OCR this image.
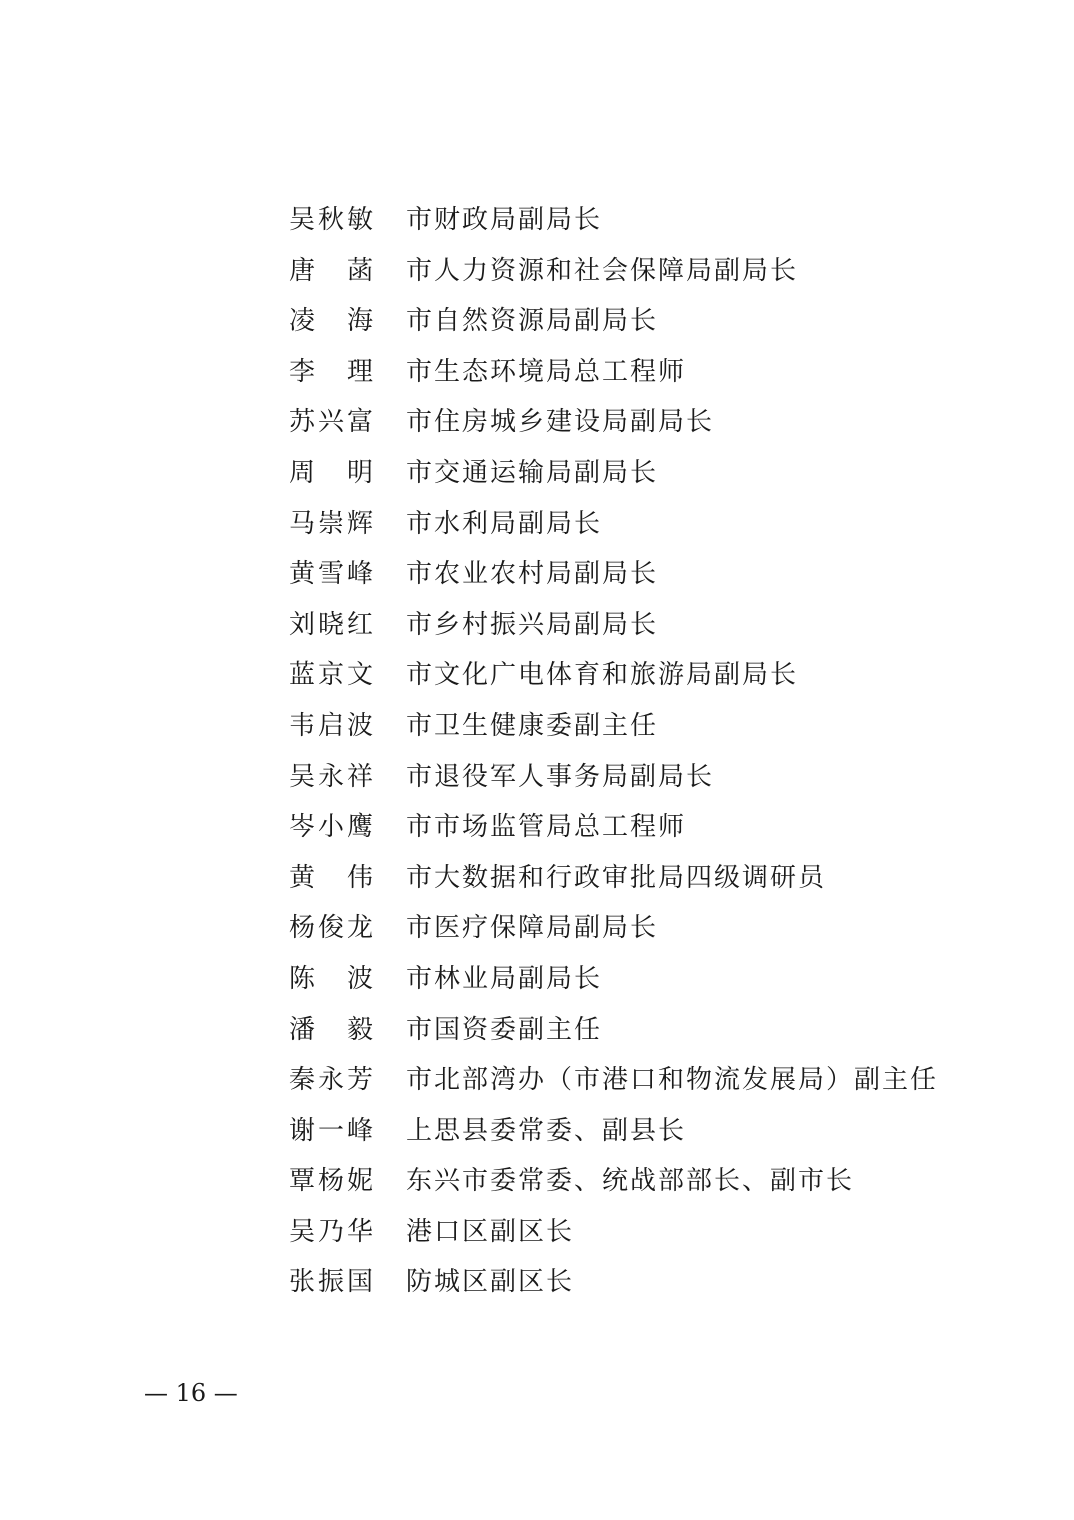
吴秋敏 市财政局副局长
唐　菡 市人力资源和社会保障局副局长
凌　海 市自然资源局副局长
李　理 市生态环境局总工程师
苏兴富 市住房城乡建设局副局长
周　明 市交通运输局副局长
马崇辉 市水利局副局长
黄雪峰 市农业农村局副局长
刘晓红 市乡村振兴局副局长
蓝京文 市文化广电体育和旅游局副局长
韦启波 市卫生健康委副主任
吴永祥 市退役军人事务局副局长
岑小鹰 市市场监管局总工程师
黄　伟 市大数据和行政审批局四级调研员
杨俊龙 市医疗保障局副局长
陈　波 市林业局副局长
潘　毅 市国资委副主任
秦永芳 市北部湾办（市港口和物流发展局）副主任
谢一峰 上思县委常委、副县长
覃杨妮 东兴市委常委、统战部部长、副市长
吴乃华 港口区副区长
张振国 防城区副区长
— 16 —
